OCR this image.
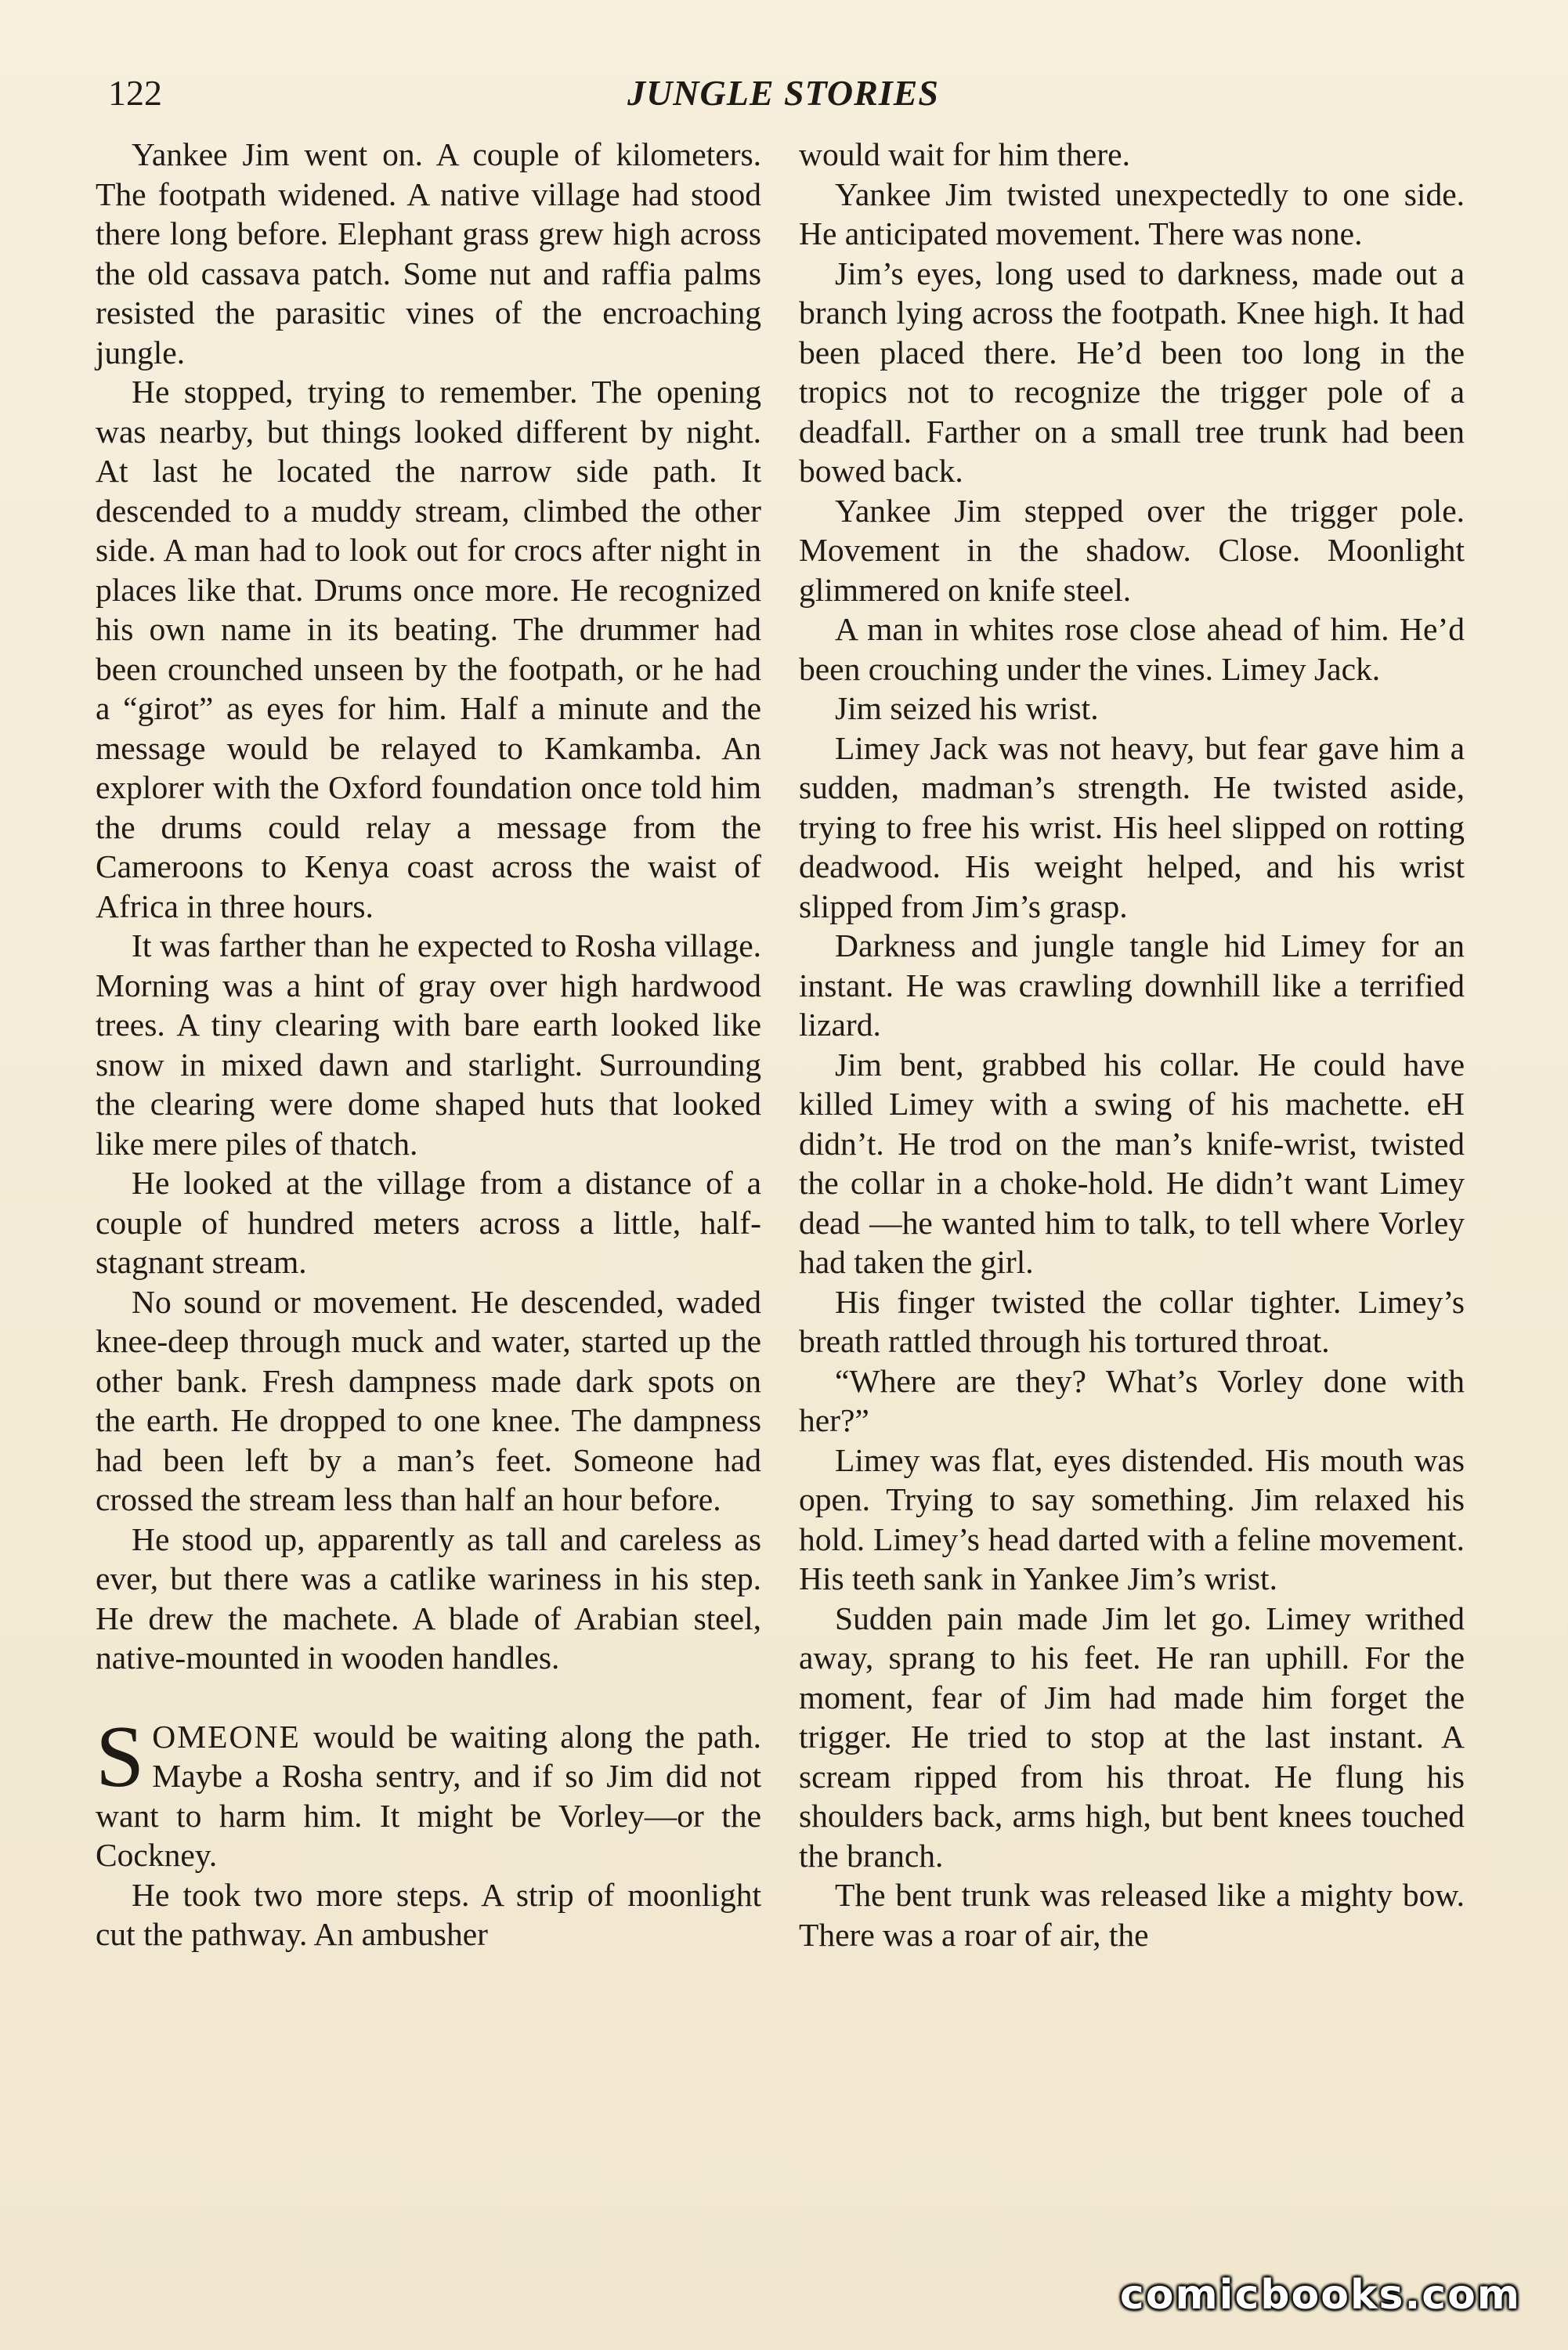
122	JUNGLE STORIES

Yankee Jim went on. A couple of kilometers. The footpath widened. A native village had stood there long before. Elephant grass grew high across the old cassava patch. Some nut and raffia palms resisted the parasitic vines of the encroaching jungle.

He stopped, trying to remember. The opening was nearby, but things looked different by night. At last he located the narrow side path. It descended to a muddy stream, climbed the other side. A man had to look out for crocs after night in places like that. Drums once more. He recognized his own name in its beating. The drummer had been crounched unseen by the footpath, or he had a “girot” as eyes for him. Half a minute and the message would be relayed to Kamkamba. An explorer with the Oxford foundation once told him the drums could relay a message from the Cameroons to Kenya coast across the waist of Africa in three hours.

It was farther than he expected to Rosha village. Morning was a hint of gray over high hardwood trees. A tiny clearing with bare earth looked like snow in mixed dawn and starlight. Surrounding the clearing were dome shaped huts that looked like mere piles of thatch.

He looked at the village from a distance of a couple of hundred meters across a little, half-stagnant stream.

No sound or movement. He descended, waded knee-deep through muck and water, started up the other bank. Fresh dampness made dark spots on the earth. He dropped to one knee. The dampness had been left by a man’s feet. Someone had crossed the stream less than half an hour before.

He stood up, apparently as tall and careless as ever, but there was a catlike wariness in his step. He drew the machete. A blade of Arabian steel, native-mounted in wooden handles.

SOMEONE would be waiting along the path. Maybe a Rosha sentry, and if so Jim did not want to harm him. It might be Vorley—or the Cockney.

He took two more steps. A strip of moonlight cut the pathway. An ambusher

would wait for him there.

Yankee Jim twisted unexpectedly to one side. He anticipated movement. There was none.

Jim’s eyes, long used to darkness, made out a branch lying across the footpath. Knee high. It had been placed there. He’d been too long in the tropics not to recognize the trigger pole of a deadfall. Farther on a small tree trunk had been bowed back.

Yankee Jim stepped over the trigger pole. Movement in the shadow. Close. Moonlight glimmered on knife steel.

A man in whites rose close ahead of him. He’d been crouching under the vines. Limey Jack.

Jim seized his wrist.

Limey Jack was not heavy, but fear gave him a sudden, madman’s strength. He twisted aside, trying to free his wrist. His heel slipped on rotting deadwood. His weight helped, and his wrist slipped from Jim’s grasp.

Darkness and jungle tangle hid Limey for an instant. He was crawling downhill like a terrified lizard.

Jim bent, grabbed his collar. He could have killed Limey with a swing of his machette. eH didn’t. He trod on the man’s knife-wrist, twisted the collar in a choke-hold. He didn’t want Limey dead —he wanted him to talk, to tell where Vorley had taken the girl.

His finger twisted the collar tighter. Limey’s breath rattled through his tortured throat.

“Where are they? What’s Vorley done with her?”

Limey was flat, eyes distended. His mouth was open. Trying to say something. Jim relaxed his hold. Limey’s head darted with a feline movement. His teeth sank in Yankee Jim’s wrist.

Sudden pain made Jim let go. Limey writhed away, sprang to his feet. He ran uphill. For the moment, fear of Jim had made him forget the trigger. He tried to stop at the last instant. A scream ripped from his throat. He flung his shoulders back, arms high, but bent knees touched the branch.

The bent trunk was released like a mighty bow. There was a roar of air, the

comicbooks.com
